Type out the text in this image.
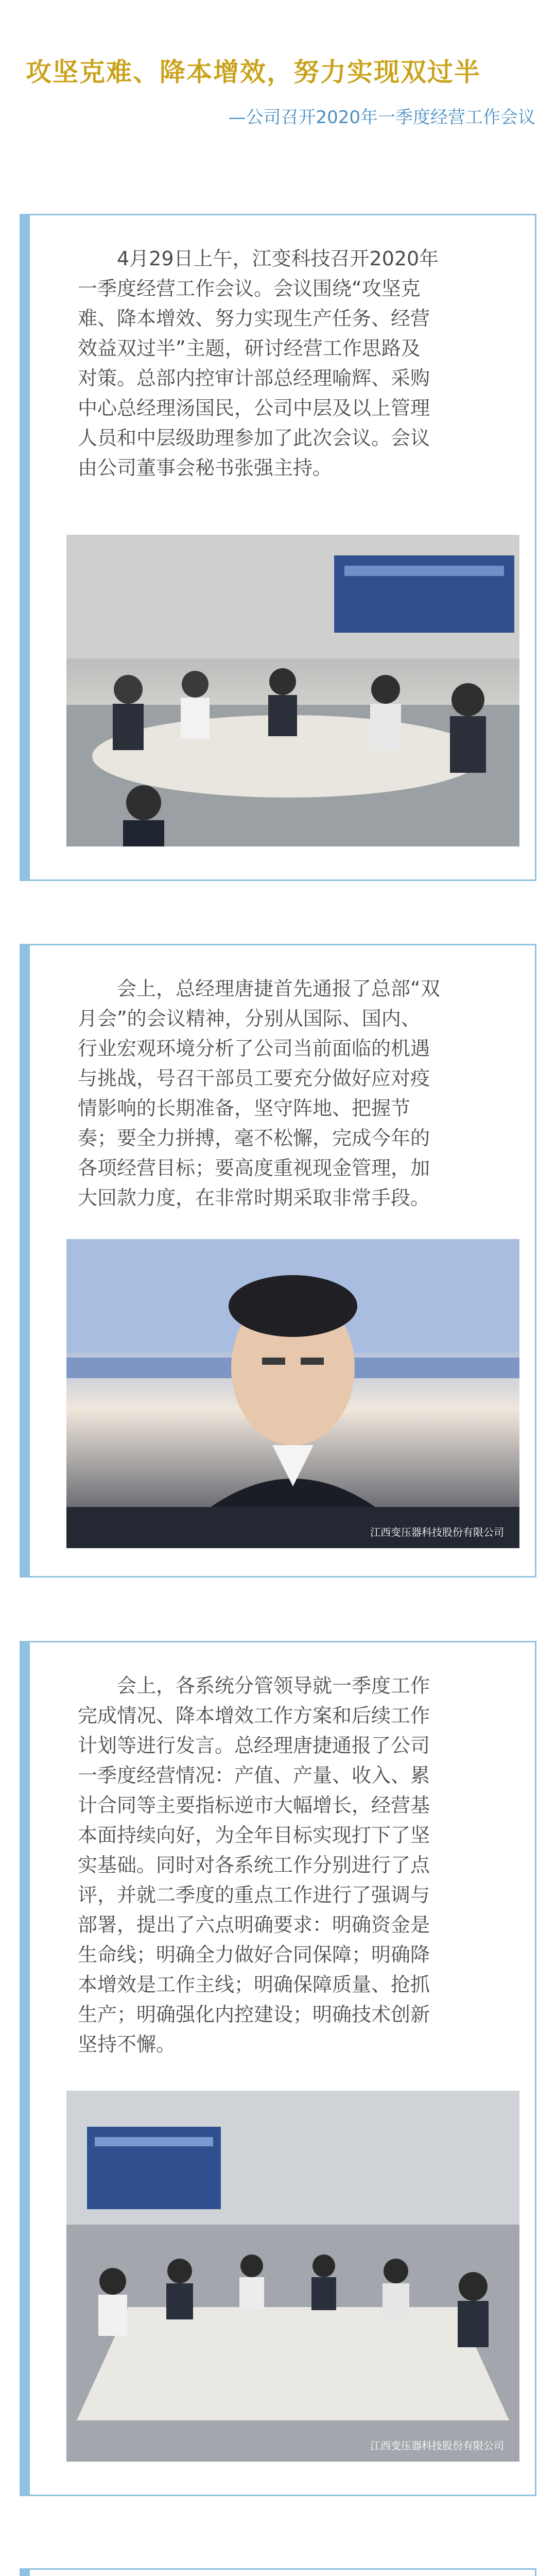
攻坚克难、降本增效，努力实现双过半
—公司召开2020年一季度经营工作会议
4月29日上午，江变科技召开2020年
一季度经营工作会议。会议围绕“攻坚克
难、降本增效、努力实现生产任务、经营
效益双过半”主题，研讨经营工作思路及
对策。总部内控审计部总经理喻辉、采购
中心总经理汤国民，公司中层及以上管理
人员和中层级助理参加了此次会议。会议
由公司董事会秘书张强主持。
会上，总经理唐捷首先通报了总部“双
月会”的会议精神，分别从国际、国内、
行业宏观环境分析了公司当前面临的机遇
与挑战，号召干部员工要充分做好应对疫
情影响的长期准备，坚守阵地、把握节
奏；要全力拼搏，毫不松懈，完成今年的
各项经营目标；要高度重视现金管理，加
大回款力度，在非常时期采取非常手段。
江西变压器科技股份有限公司
会上，各系统分管领导就一季度工作
完成情况、降本增效工作方案和后续工作
计划等进行发言。总经理唐捷通报了公司
一季度经营情况：产值、产量、收入、累
计合同等主要指标逆市大幅增长，经营基
本面持续向好，为全年目标实现打下了坚
实基础。同时对各系统工作分别进行了点
评，并就二季度的重点工作进行了强调与
部署，提出了六点明确要求：明确资金是
生命线；明确全力做好合同保障；明确降
本增效是工作主线；明确保障质量、抢抓
生产；明确强化内控建设；明确技术创新
坚持不懈。
江西变压器科技股份有限公司
